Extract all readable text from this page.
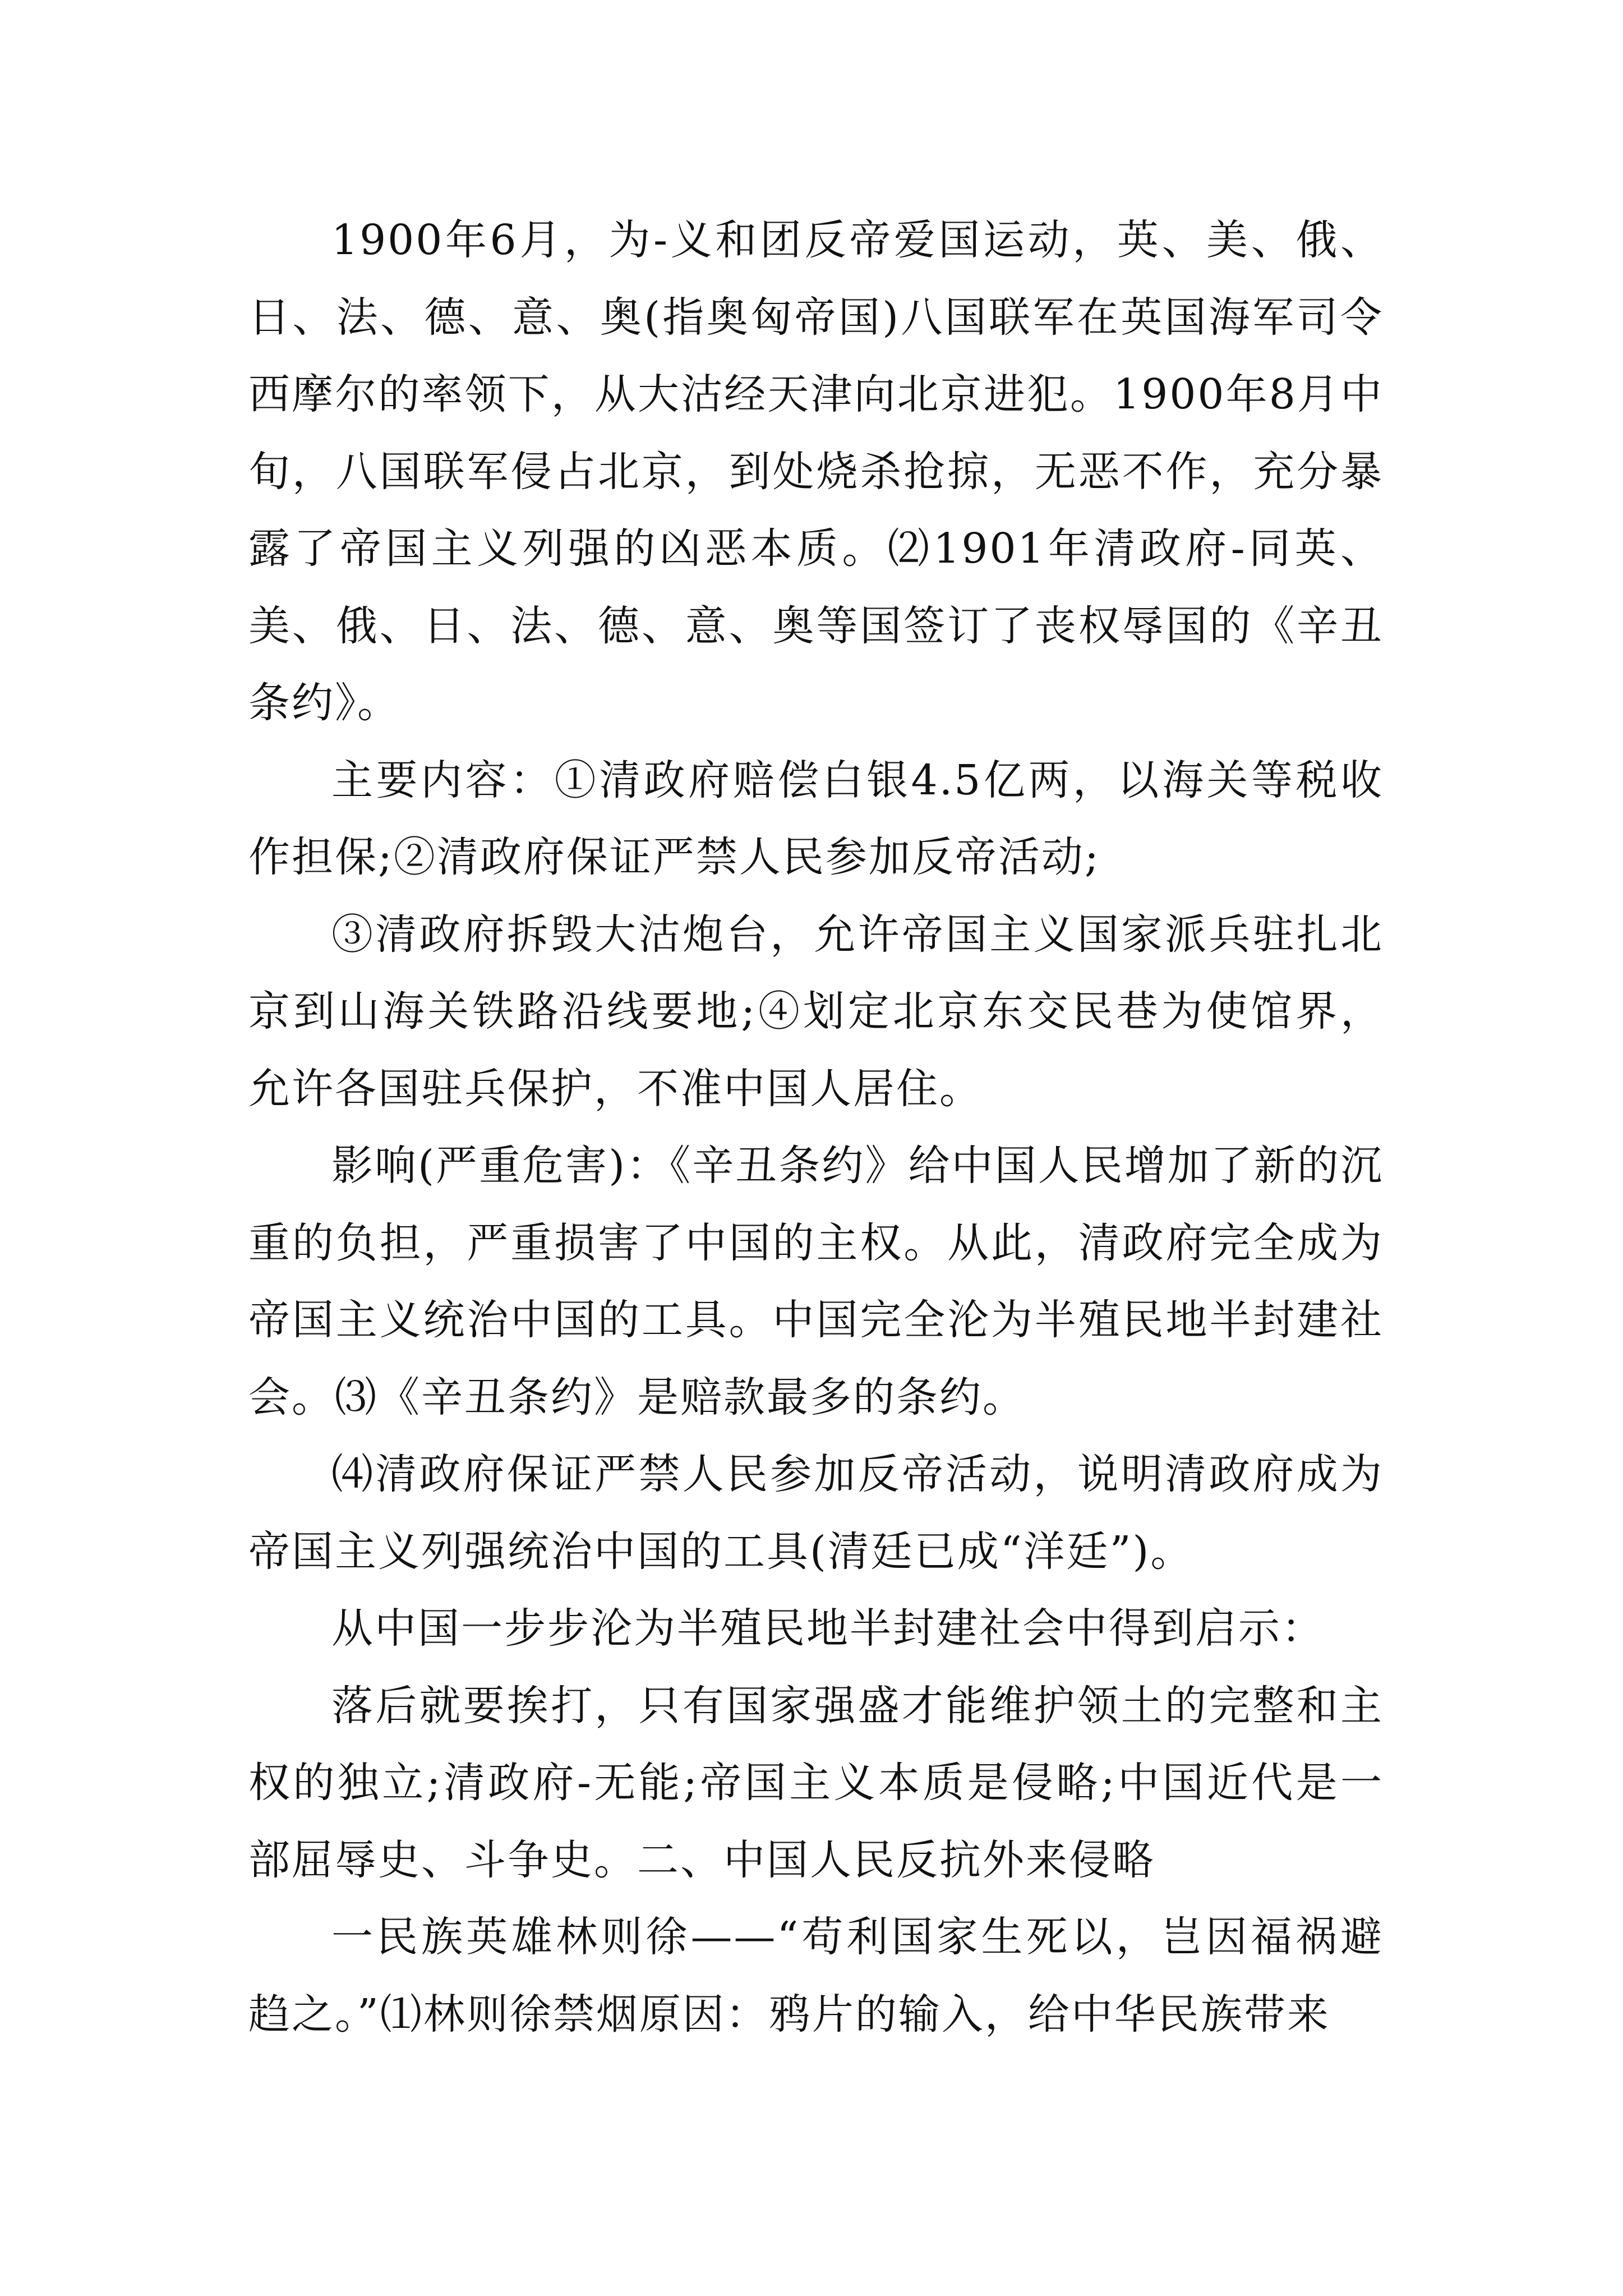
1900年6月，为-义和团反帝爱国运动，英、美、俄、日、法、德、意、奥(指奥匈帝国)八国联军在英国海军司令西摩尔的率领下，从大沽经天津向北京进犯。1900年8月中旬，八国联军侵占北京，到处烧杀抢掠，无恶不作，充分暴露了帝国主义列强的凶恶本质。⑵1901年清政府-同英、美、俄、日、法、德、意、奥等国签订了丧权辱国的《辛丑条约》。

主要内容：①清政府赔偿白银4.5亿两，以海关等税收作担保;②清政府保证严禁人民参加反帝活动;

③清政府拆毁大沽炮台，允许帝国主义国家派兵驻扎北京到山海关铁路沿线要地;④划定北京东交民巷为使馆界，允许各国驻兵保护，不准中国人居住。

影响(严重危害)：《辛丑条约》给中国人民增加了新的沉重的负担，严重损害了中国的主权。从此，清政府完全成为帝国主义统治中国的工具。中国完全沦为半殖民地半封建社会。⑶《辛丑条约》是赔款最多的条约。

⑷清政府保证严禁人民参加反帝活动，说明清政府成为帝国主义列强统治中国的工具(清廷已成“洋廷”)。

从中国一步步沦为半殖民地半封建社会中得到启示：

落后就要挨打，只有国家强盛才能维护领土的完整和主权的独立;清政府-无能;帝国主义本质是侵略;中国近代是一部屈辱史、斗争史。二、中国人民反抗外来侵略

一民族英雄林则徐——“苟利国家生死以，岂因福祸避趋之。”⑴林则徐禁烟原因：鸦片的输入，给中华民族带来
